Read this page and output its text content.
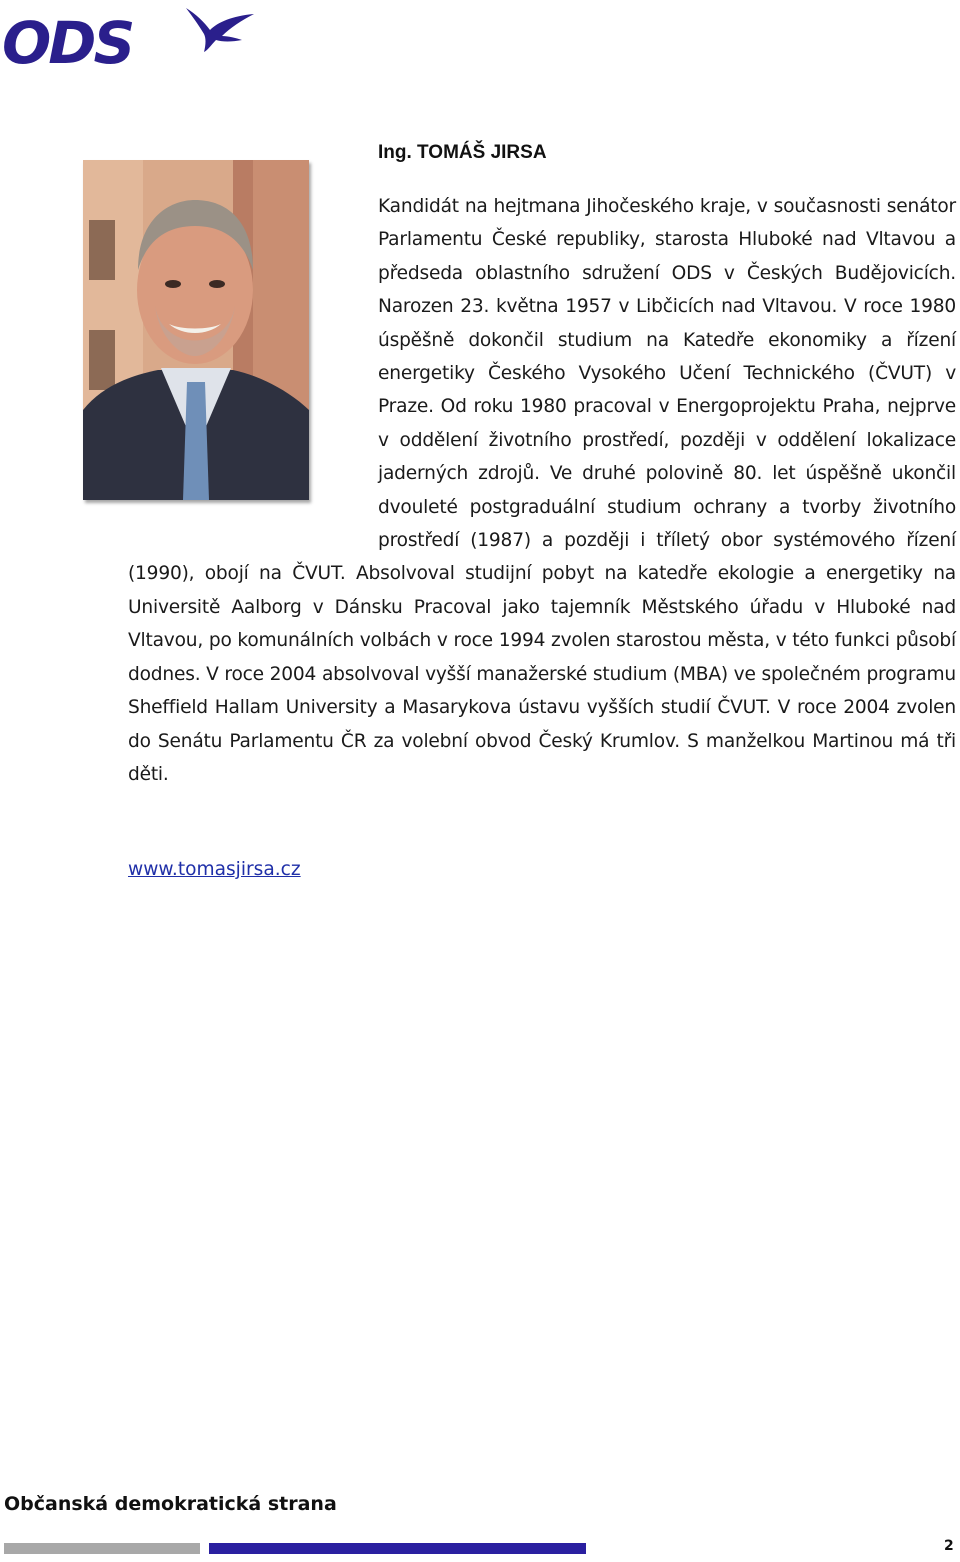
ODS
Ing. TOMÁŠ JIRSA
Kandidát na hejtmana Jihočeského kraje, v současnosti senátor Parlamentu České republiky, starosta Hluboké nad Vltavou a předseda oblastního sdružení ODS v Českých Budějovicích. Narozen 23. května 1957 v Libčicích nad Vltavou. V roce 1980 úspěšně dokončil studium na Katedře ekonomiky a řízení energetiky Českého Vysokého Učení Technického (ČVUT) v Praze. Od roku 1980 pracoval v Energoprojektu Praha, nejprve v oddělení životního prostředí, později v oddělení lokalizace jaderných zdrojů. Ve druhé polovině 80. let úspěšně ukončil dvouleté postgraduální studium ochrany a tvorby životního prostředí (1987) a později i tříletý obor systémového řízení (1990), obojí na ČVUT. Absolvoval studijní pobyt na katedře ekologie a energetiky na Universitě Aalborg v Dánsku Pracoval jako tajemník Městského úřadu v Hluboké nad Vltavou, po komunálních volbách v roce 1994 zvolen starostou města, v této funkci působí dodnes. V roce 2004 absolvoval vyšší manažerské studium (MBA) ve společném programu Sheffield Hallam University a Masarykova ústavu vyšších studií ČVUT. V roce 2004 zvolen do Senátu Parlamentu ČR za volební obvod Český Krumlov. S manželkou Martinou má tři děti.
www.tomasjirsa.cz
Občanská demokratická strana
2
